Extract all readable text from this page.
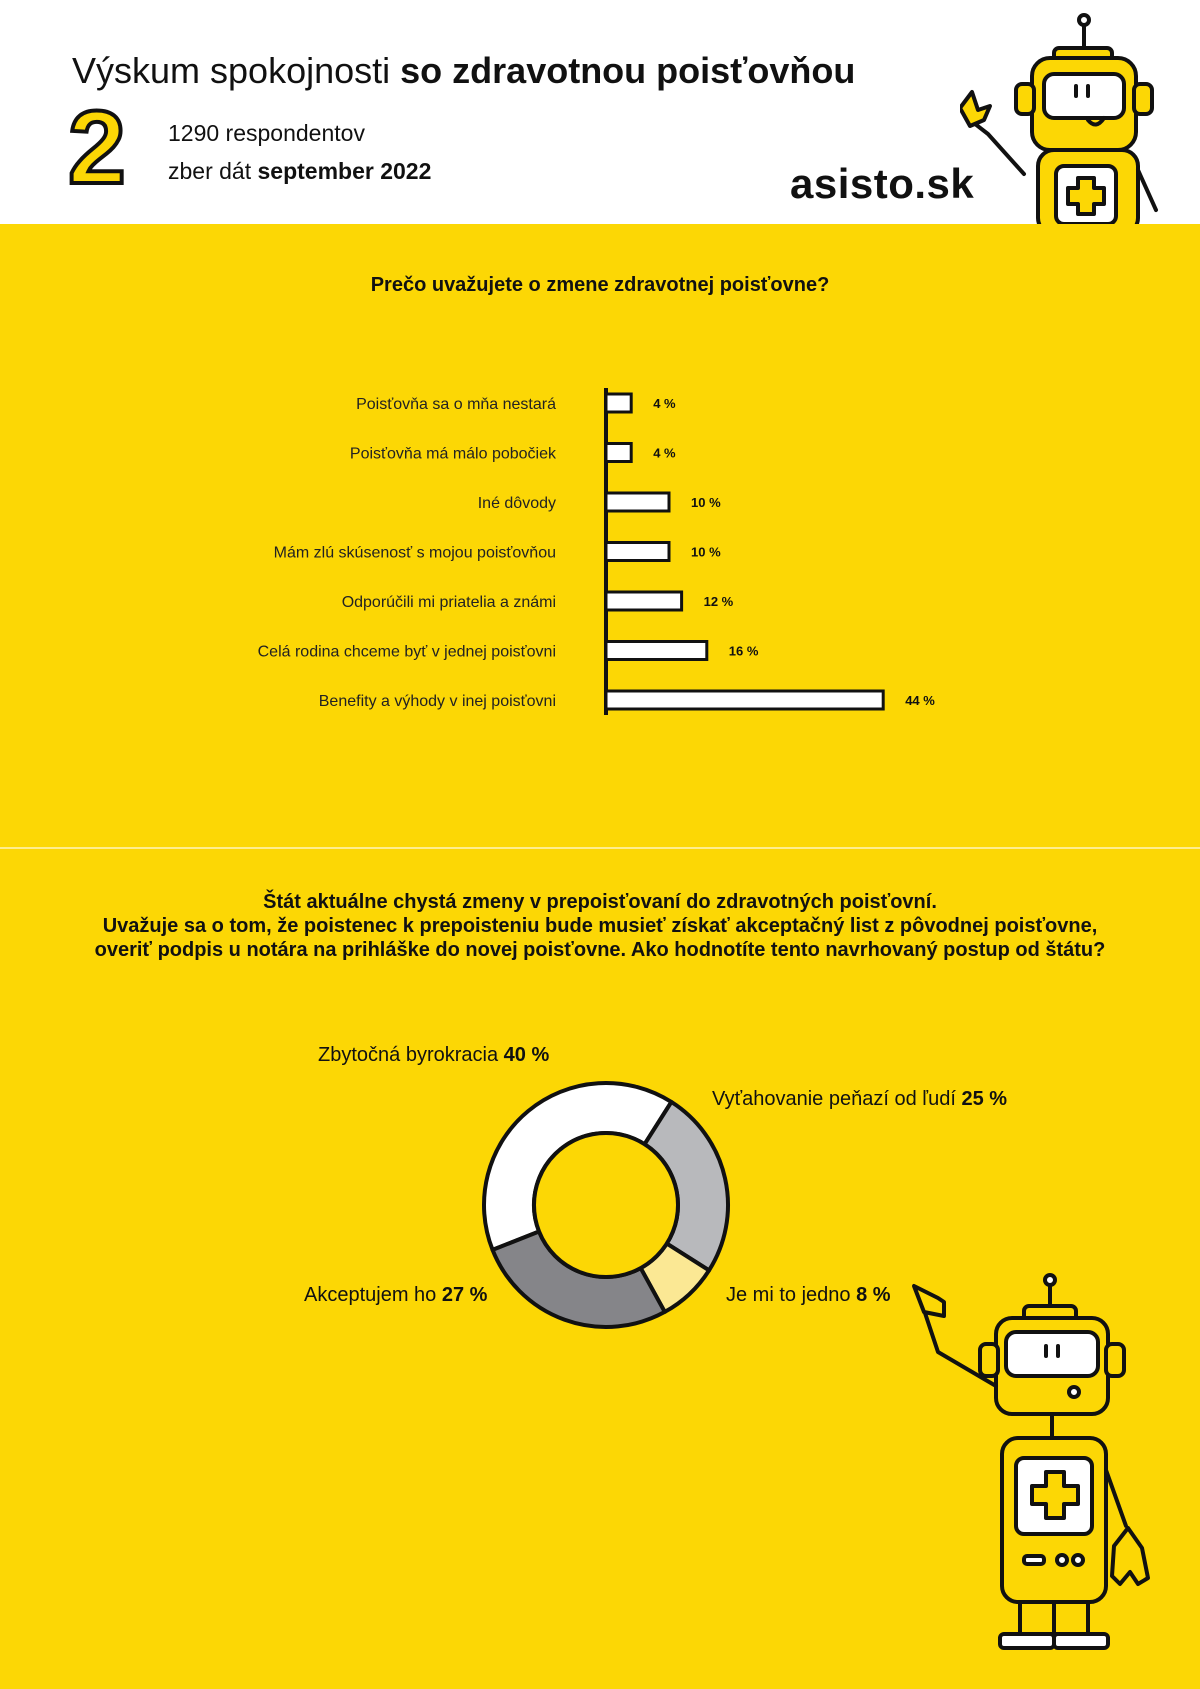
Výskum spokojnosti so zdravotnou poisťovňou
2 1290 respondentov
zber dát september 2022	asisto.sk
Prečo uvažujete o zmene zdravotnej poisťovne?
Poisťovňa sa o mňa nestará	4 %
Poisťovňa má málo pobočiek	4 %
Iné dôvody	10 %
Mám zlú skúsenosť s mojou poisťovňou	10 %
Odporúčili mi priatelia a známi	12 %
Celá rodina chceme byť v jednej poisťovni	16 %
Benefity a výhody v inej poisťovni	44 %
Štát aktuálne chystá zmeny v prepoisťovaní do zdravotných poisťovní.
Uvažuje sa o tom, že poistenec k prepoisteniu bude musieť získať akceptačný list z pôvodnej poisťovne,
overiť podpis u notára na prihláške do novej poisťovne. Ako hodnotíte tento navrhovaný postup od štátu?
Zbytočná byrokracia 40 %
Vyťahovanie peňazí od ľudí 25 %
Je mi to jedno 8 %
Akceptujem ho 27 %
